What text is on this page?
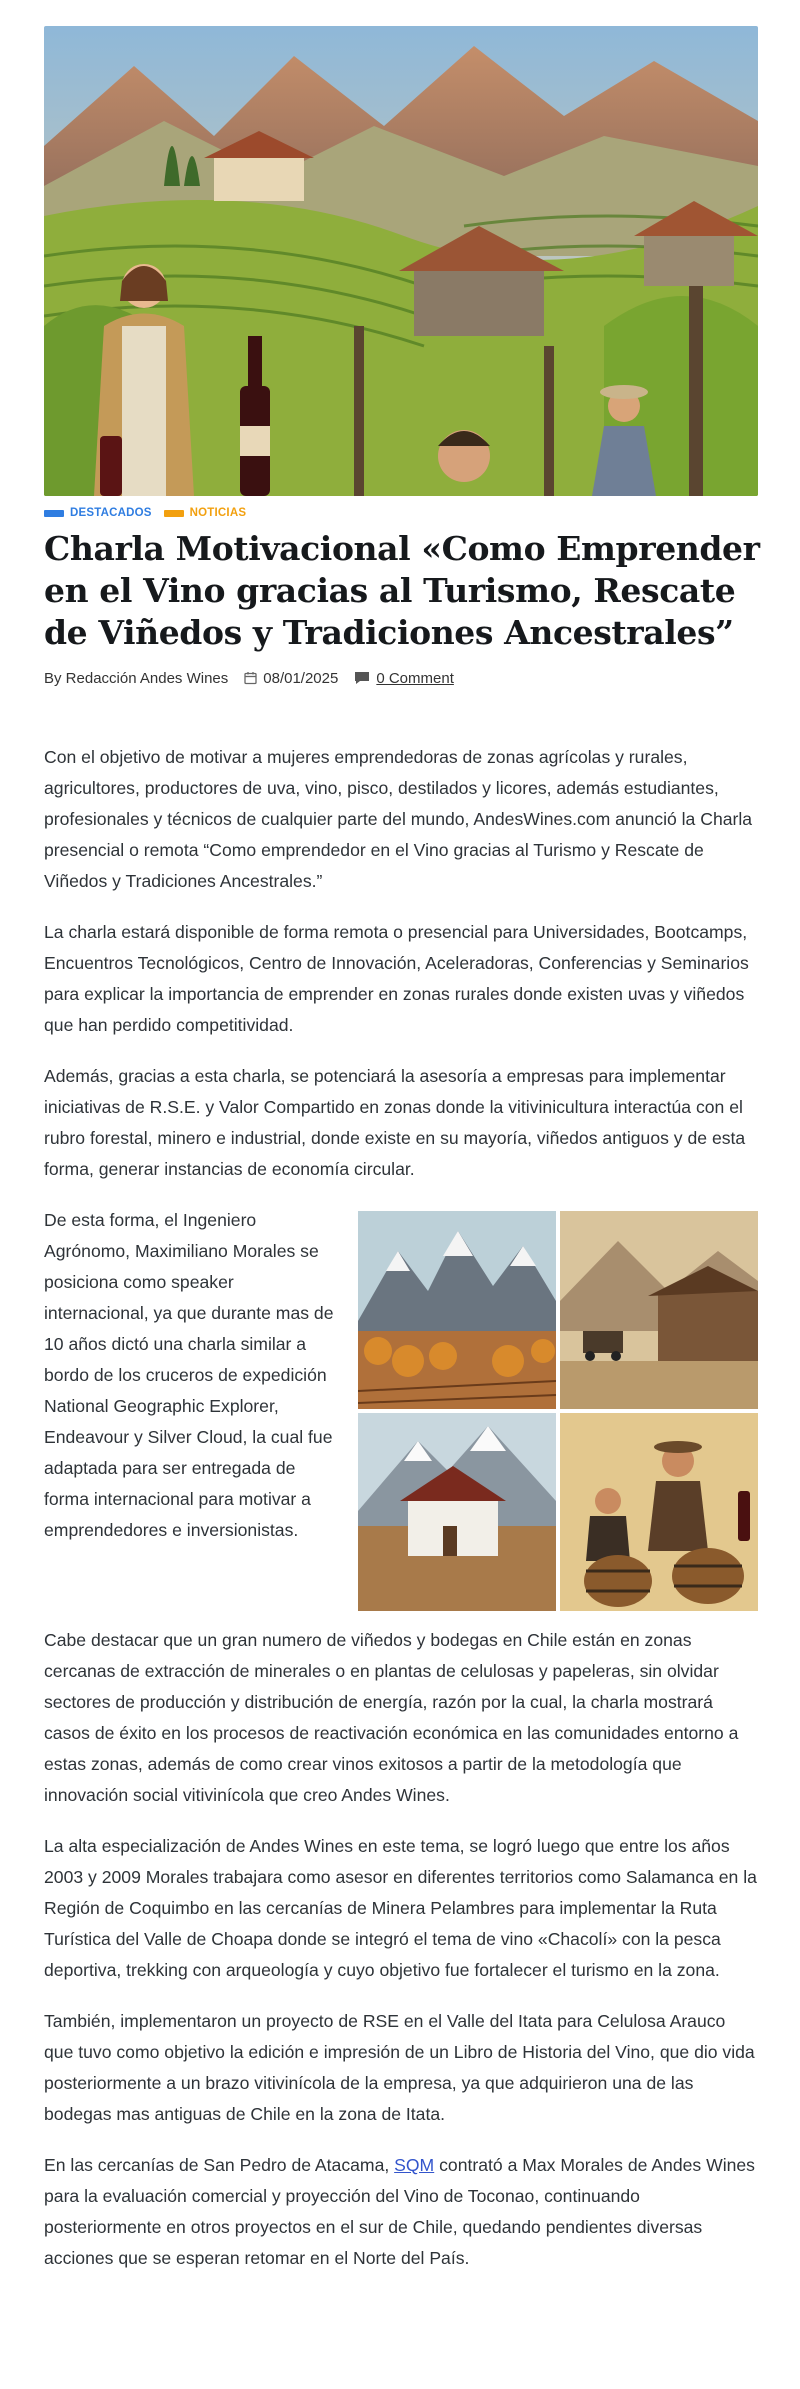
DESTACADOS	NOTICIAS
Charla Motivacional «Como Emprender en el Vino gracias al Turismo, Rescate de Viñedos y Tradiciones Ancestrales”
By Redacción Andes Wines 08/01/2025	0 Comment

Con el objetivo de motivar a mujeres emprendedoras de zonas agrícolas y rurales, agricultores, productores de uva, vino, pisco, destilados y licores, además estudiantes, profesionales y técnicos de cualquier parte del mundo, AndesWines.com anunció la Charla presencial o remota “Como emprendedor en el Vino gracias al Turismo y Rescate de Viñedos y Tradiciones Ancestrales.”

La charla estará disponible de forma remota o presencial para Universidades, Bootcamps, Encuentros Tecnológicos, Centro de Innovación, Aceleradoras, Conferencias y Seminarios para explicar la importancia de emprender en zonas rurales donde existen uvas y viñedos que han perdido competitividad.

Además, gracias a esta charla, se potenciará la asesoría a empresas para implementar iniciativas de R.S.E. y Valor Compartido en zonas donde la vitivinicultura interactúa con el rubro forestal, minero e industrial, donde existe en su mayoría, viñedos antiguos y de esta forma, generar instancias de economía circular.

De esta forma, el Ingeniero Agrónomo, Maximiliano Morales se posiciona como speaker internacional, ya que durante mas de 10 años dictó una charla similar a bordo de los cruceros de expedición National Geographic Explorer, Endeavour y Silver Cloud, la cual fue adaptada para ser entregada de forma internacional para motivar a emprendedores e inversionistas.

Cabe destacar que un gran numero de viñedos y bodegas en Chile están en zonas cercanas de extracción de minerales o en plantas de celulosas y papeleras, sin olvidar sectores de producción y distribución de energía, razón por la cual, la charla mostrará casos de éxito en los procesos de reactivación económica en las comunidades entorno a estas zonas, además de como crear vinos exitosos a partir de la metodología que innovación social vitivinícola que creo Andes Wines.

La alta especialización de Andes Wines en este tema, se logró luego que entre los años 2003 y 2009 Morales trabajara como asesor en diferentes territorios como Salamanca en la Región de Coquimbo en las cercanías de Minera Pelambres para implementar la Ruta Turística del Valle de Choapa donde se integró el tema de vino «Chacolí» con la pesca deportiva, trekking con arqueología y cuyo objetivo fue fortalecer el turismo en la zona.

También, implementaron un proyecto de RSE en el Valle del Itata para Celulosa Arauco que tuvo como objetivo la edición e impresión de un Libro de Historia del Vino, que dio vida posteriormente a un brazo vitivinícola de la empresa, ya que adquirieron una de las bodegas mas antiguas de Chile en la zona de Itata.

En las cercanías de San Pedro de Atacama, SQM contrató a Max Morales de Andes Wines para la evaluación comercial y proyección del Vino de Toconao, continuando posteriormente en otros proyectos en el sur de Chile, quedando pendientes diversas acciones que se esperan retomar en el Norte del País.
